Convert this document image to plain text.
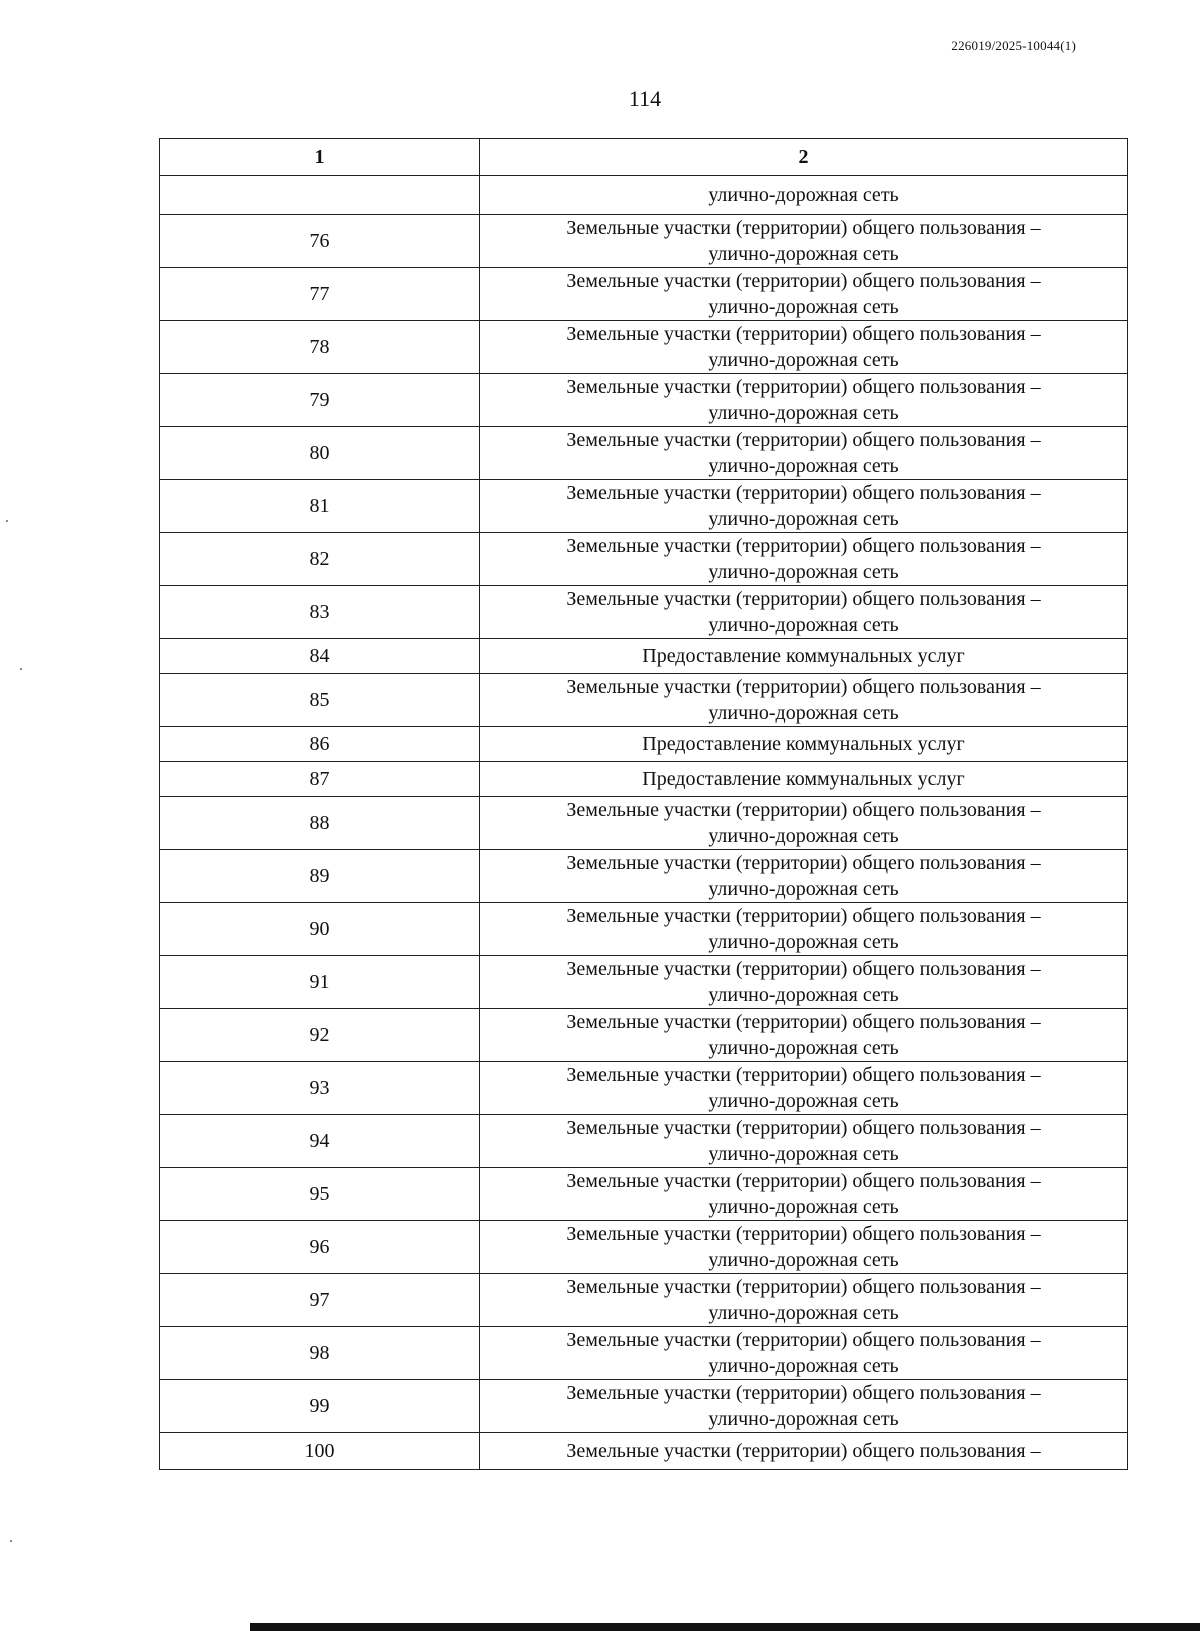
226019/2025-10044(1)
114
1	2
	улично-дорожная сеть
76	Земельные участки (территории) общего пользования –
улично-дорожная сеть

77	Земельные участки (территории) общего пользования –
улично-дорожная сеть

78	Земельные участки (территории) общего пользования –
улично-дорожная сеть

79	Земельные участки (территории) общего пользования –
улично-дорожная сеть

80	Земельные участки (территории) общего пользования –
улично-дорожная сеть

81	Земельные участки (территории) общего пользования –
улично-дорожная сеть

82	Земельные участки (территории) общего пользования –
улично-дорожная сеть

83	Земельные участки (территории) общего пользования –
улично-дорожная сеть

84	Предоставление коммунальных услуг

85	Земельные участки (территории) общего пользования –
улично-дорожная сеть

86	Предоставление коммунальных услуг

87	Предоставление коммунальных услуг

88	Земельные участки (территории) общего пользования –
улично-дорожная сеть

89	Земельные участки (территории) общего пользования –
улично-дорожная сеть

90	Земельные участки (территории) общего пользования –
улично-дорожная сеть

91	Земельные участки (территории) общего пользования –
улично-дорожная сеть

92	Земельные участки (территории) общего пользования –
улично-дорожная сеть

93	Земельные участки (территории) общего пользования –
улично-дорожная сеть

94	Земельные участки (территории) общего пользования –
улично-дорожная сеть

95	Земельные участки (территории) общего пользования –
улично-дорожная сеть

96	Земельные участки (территории) общего пользования –
улично-дорожная сеть

97	Земельные участки (территории) общего пользования –
улично-дорожная сеть

98	Земельные участки (территории) общего пользования –
улично-дорожная сеть

99	Земельные участки (территории) общего пользования –
улично-дорожная сеть

100	Земельные участки (территории) общего пользования –
